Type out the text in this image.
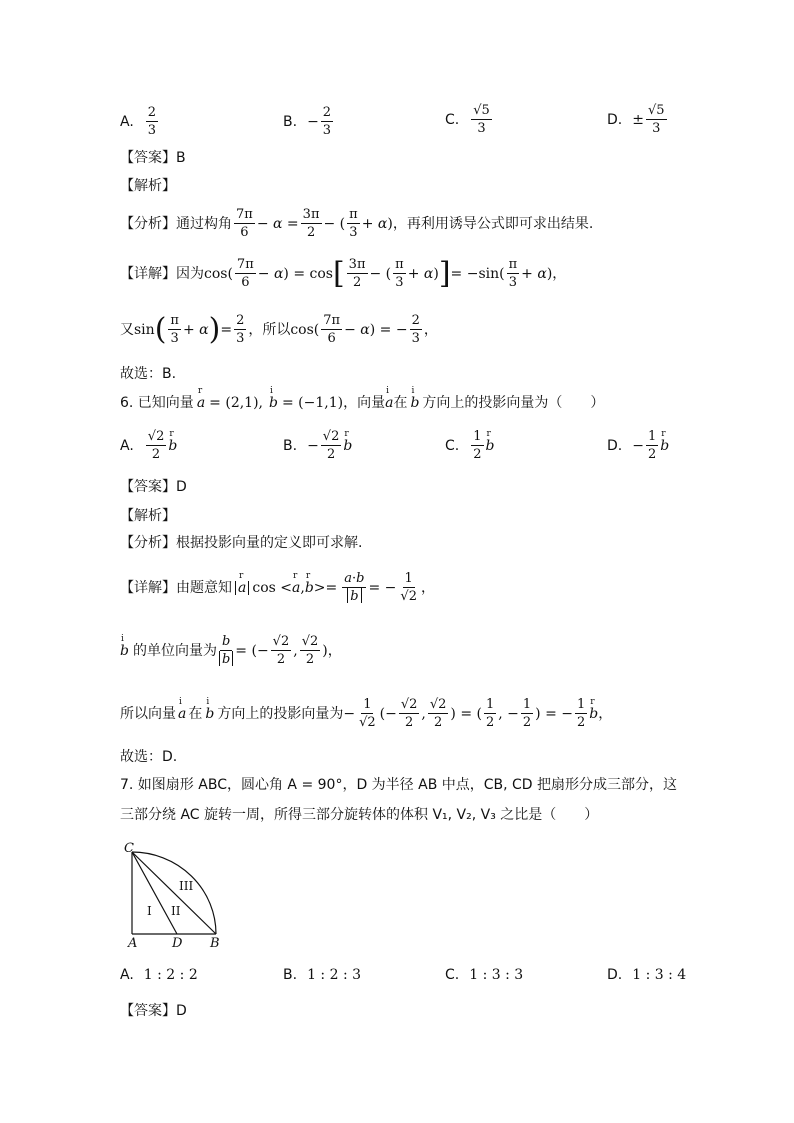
A. $\frac{2}{3}$	B. − $\frac{2}{3}$	C. $\frac{√5}{3}$	D. ± $\frac{√5}{3}$
【答案】B
【解析】
【分析】 通过构角 $\frac{7\pi}{6} - \alpha = \frac{3\pi}{2}$ − ( $\frac{\pi}{3} + \alpha$) ，再利用诱导公式即可求出结果.
【详解】 因为 $\cos( \frac{7\pi}{6} - \alpha) = \cos$ [ $\frac{3\pi}{2}$ − ( $\frac{\pi}{3} + \alpha$) ] = $-\sin( \frac{\pi}{3} + \alpha)$，
又 sin ( $\frac{\pi}{3} + \alpha$ ) = $\frac{2}{3}$ ，所以 $\cos( \frac{7\pi}{6} - \alpha)$ = − $\frac{2}{3}$ ，
故选：B.
6. 已知向量 r a = (2,1), i b = (−1,1) ，向量 i a 在 i b 方向上的投影向量为（　　）
A. $\frac{√2}{2}$ r b	B. − $\frac{√2}{2}$ r b	C. $\frac{1}{2}$ r b	D. − $\frac{1}{2}$ r b
【答案】D
【解析】
【分析】 根据投影向量的定义即可求解.
【详解】 由题意知 r a cos <r a,r $b>= \frac{a\cdot b}{b}$ = − $\frac{1}{√2}$ ，
i b 的单位向量为 $\frac{b}{b}$ = (− $\frac{√2}{2}$ , $\frac{√2}{2}$ )，
所以向量 i a 在 i b 方向上的投影向量为 − $\frac{1}{√2}$ (− $\frac{√2}{2}$ , $\frac{√2}{2}$ ) = ( $\frac{1}{2}$ , − $\frac{1}{2}$ ) = − $\frac{1}{2}$ r b ，
故选：D.
7. 如图扇形 ABC，圆心角 A = 90°，D 为半径 AB 中点，CB, CD 把扇形分成三部分，这
三部分绕 AC 旋转一周，所得三部分旋转体的体积 V₁, V₂, V₃ 之比是（　　）
C
A	D B
I II
III
A. 1 : 2 : 2	B. 1 : 2 : 3	C. 1 : 3 : 3	D. 1 : 3 : 4
【答案】D
